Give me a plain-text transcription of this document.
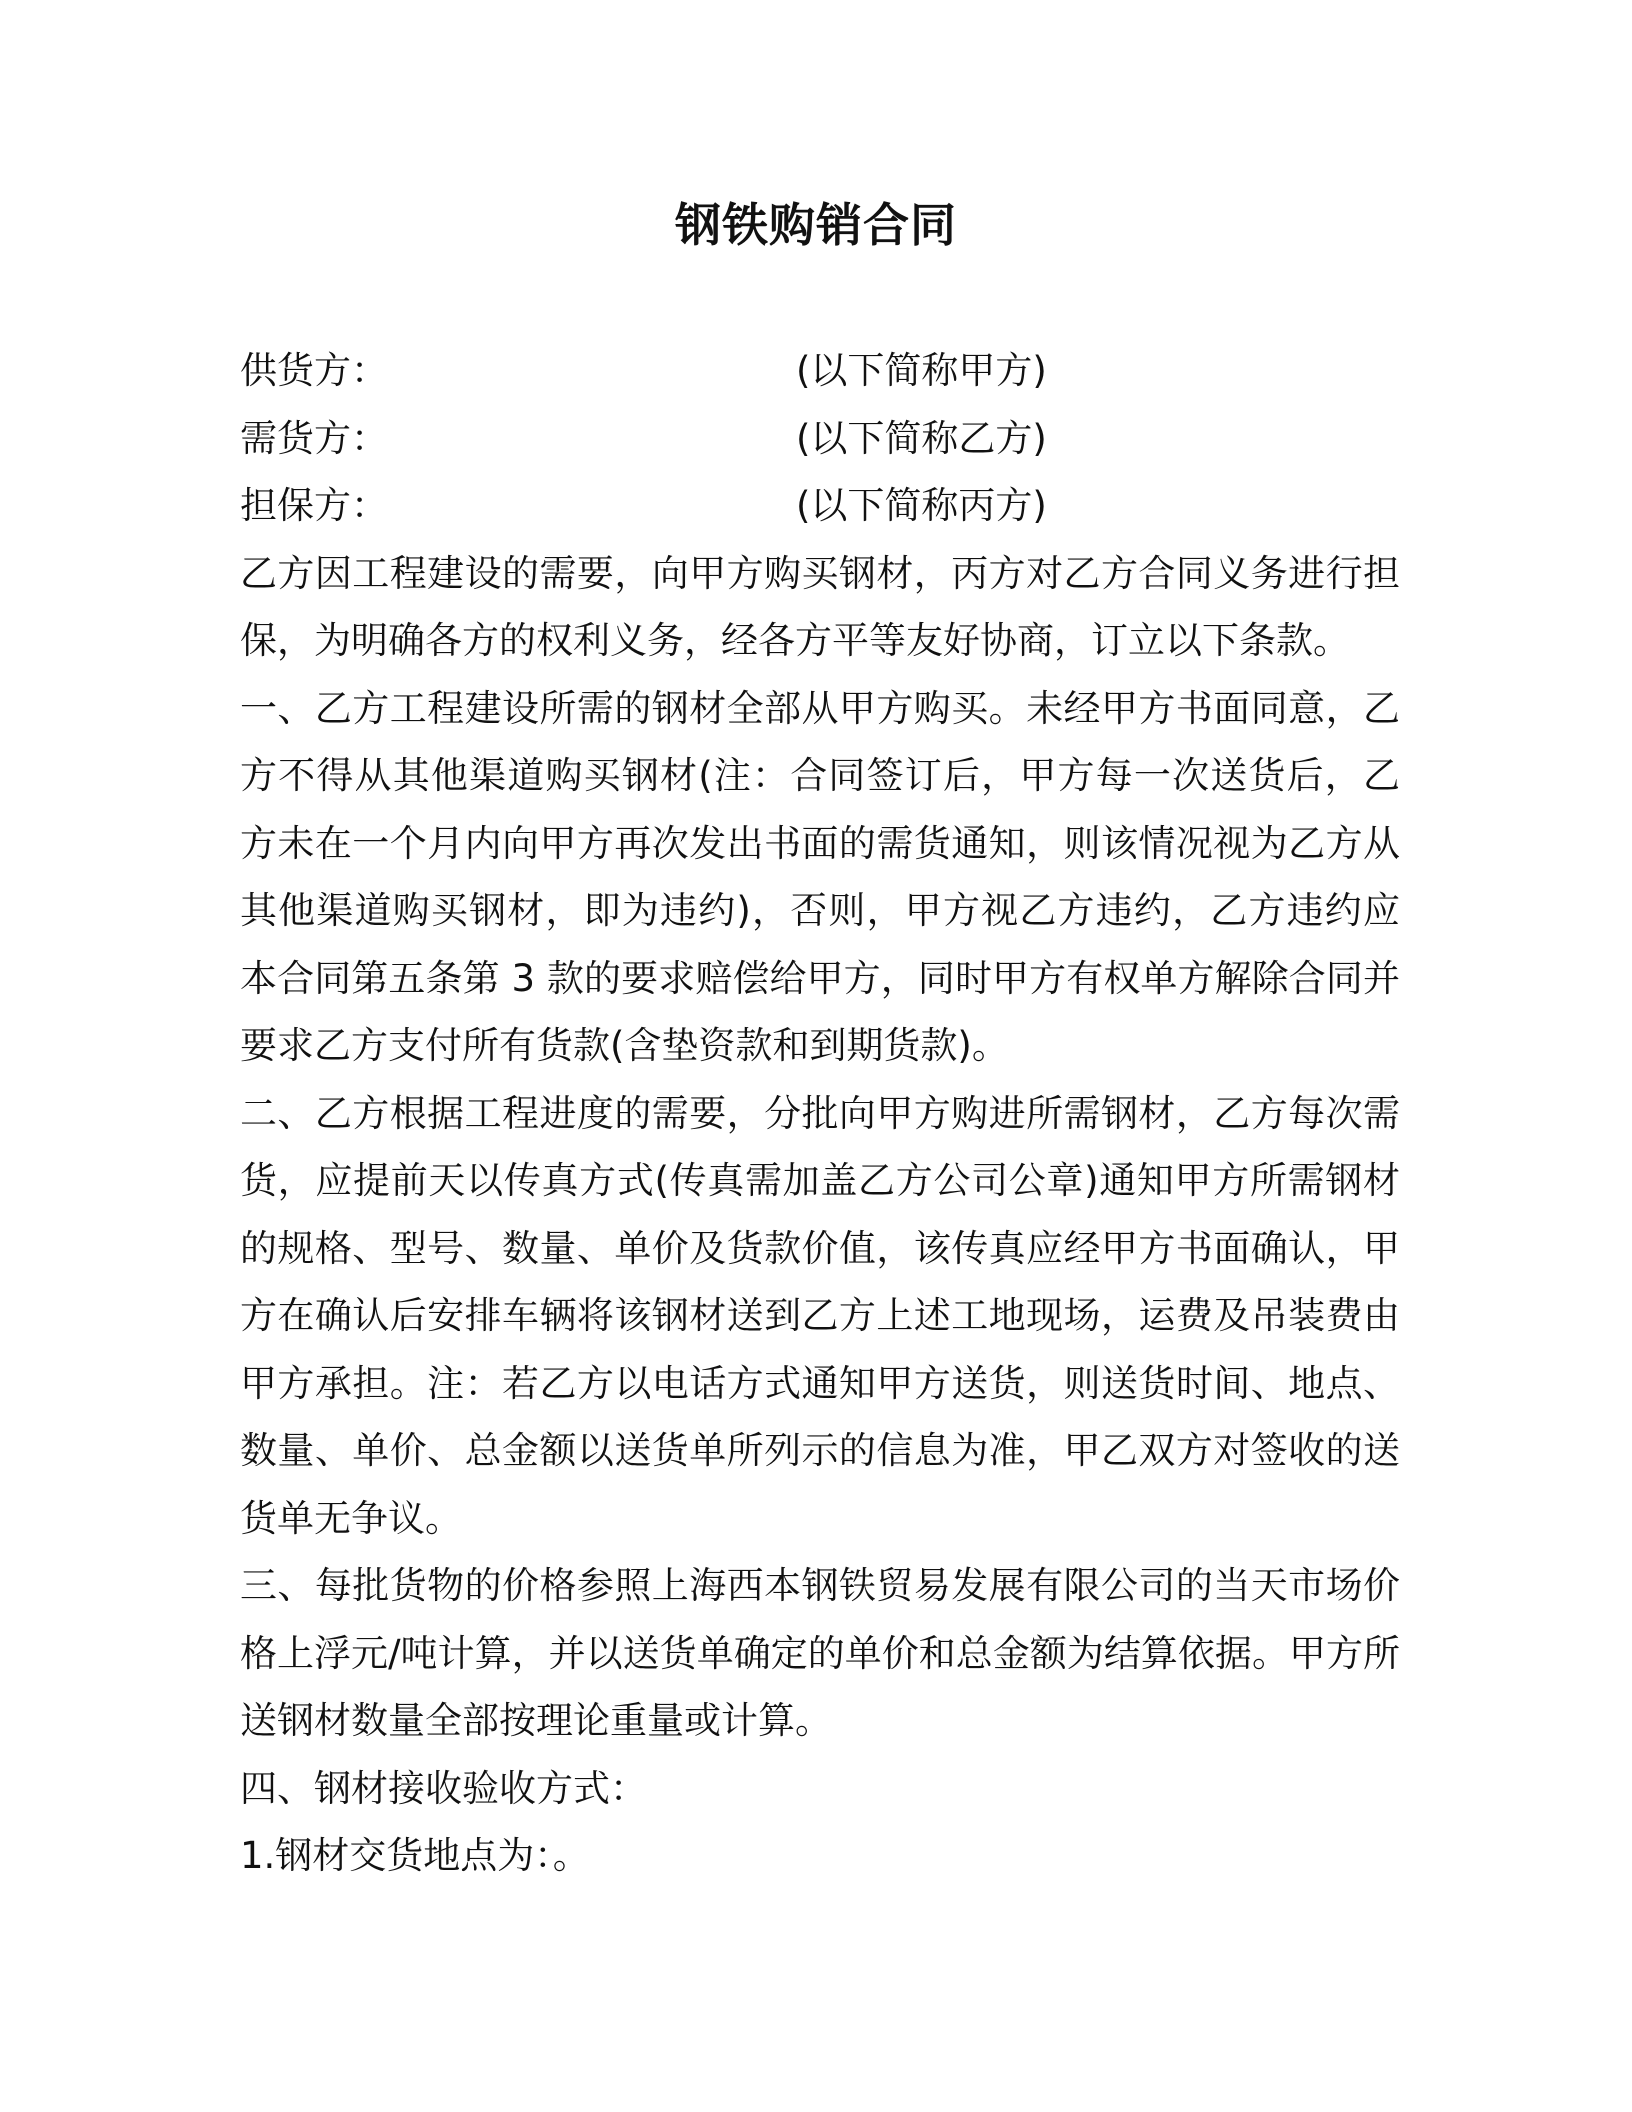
钢铁购销合同
供货方：	(以下简称甲方)
需货方：	(以下简称乙方)
担保方：	(以下简称丙方)

乙方因工程建设的需要，向甲方购买钢材，丙方对乙方合同义务进行担保，为明确各方的权利义务，经各方平等友好协商，订立以下条款。

一、乙方工程建设所需的钢材全部从甲方购买。未经甲方书面同意，乙方不得从其他渠道购买钢材(注：合同签订后，甲方每一次送货后，乙方未在一个月内向甲方再次发出书面的需货通知，则该情况视为乙方从其他渠道购买钢材，即为违约)，否则，甲方视乙方违约，乙方违约应本合同第五条第 3 款的要求赔偿给甲方，同时甲方有权单方解除合同并要求乙方支付所有货款(含垫资款和到期货款)。

二、乙方根据工程进度的需要，分批向甲方购进所需钢材，乙方每次需货，应提前天以传真方式(传真需加盖乙方公司公章)通知甲方所需钢材的规格、型号、数量、单价及货款价值，该传真应经甲方书面确认，甲方在确认后安排车辆将该钢材送到乙方上述工地现场，运费及吊装费由甲方承担。注：若乙方以电话方式通知甲方送货，则送货时间、地点、数量、单价、总金额以送货单所列示的信息为准，甲乙双方对签收的送货单无争议。

三、每批货物的价格参照上海西本钢铁贸易发展有限公司的当天市场价格上浮元/吨计算，并以送货单确定的单价和总金额为结算依据。甲方所送钢材数量全部按理论重量或计算。

四、钢材接收验收方式：

1.钢材交货地点为：。
